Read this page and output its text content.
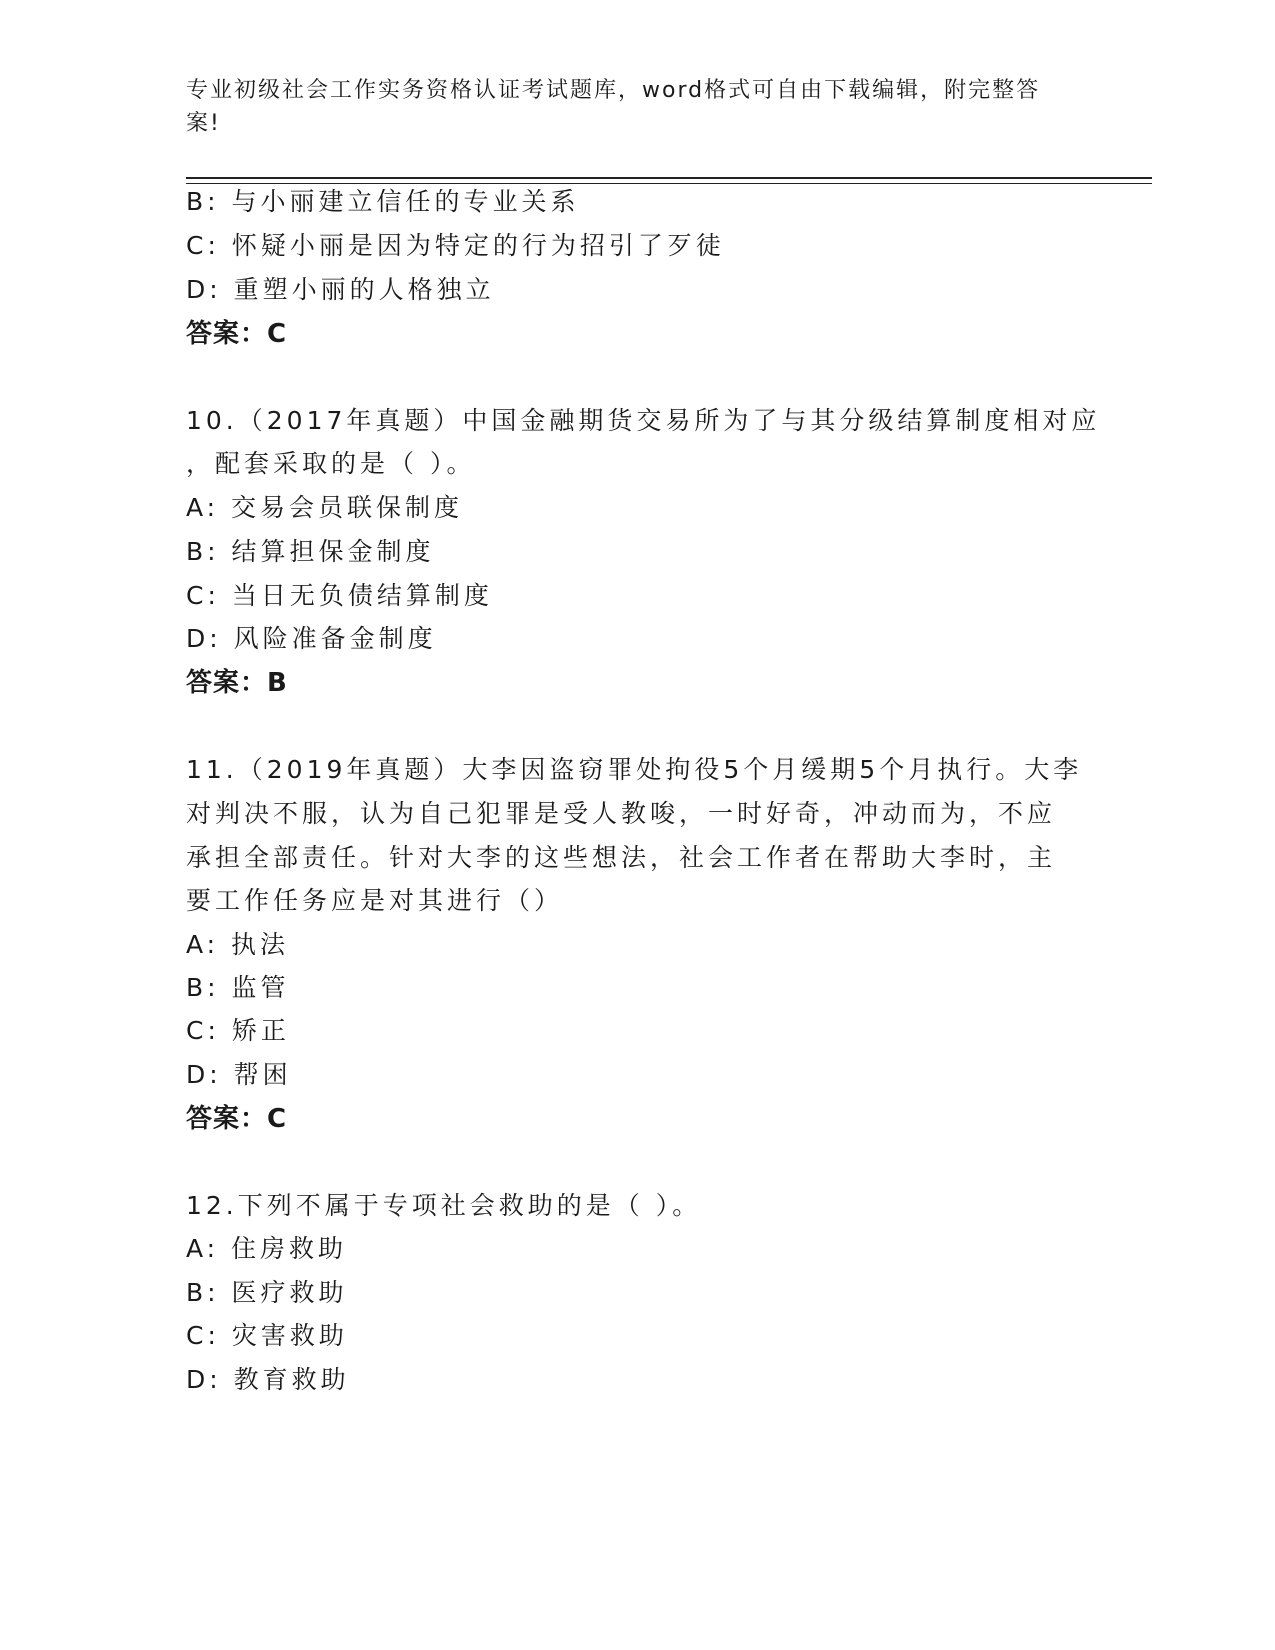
专业初级社会工作实务资格认证考试题库，word格式可自由下载编辑，附完整答
案!
B: 与小丽建立信任的专业关系
C: 怀疑小丽是因为特定的行为招引了歹徒
D: 重塑小丽的人格独立
答案：C
10.（2017年真题）中国金融期货交易所为了与其分级结算制度相对应
，配套采取的是（ ）。
A: 交易会员联保制度
B: 结算担保金制度
C: 当日无负债结算制度
D: 风险准备金制度
答案：B
11.（2019年真题）大李因盗窃罪处拘役5个月缓期5个月执行。大李
对判决不服，认为自己犯罪是受人教唆，一时好奇，冲动而为，不应
承担全部责任。针对大李的这些想法，社会工作者在帮助大李时，主
要工作任务应是对其进行（）
A: 执法
B: 监管
C: 矫正
D: 帮困
答案：C
12.下列不属于专项社会救助的是（ ）。
A: 住房救助
B: 医疗救助
C: 灾害救助
D: 教育救助
